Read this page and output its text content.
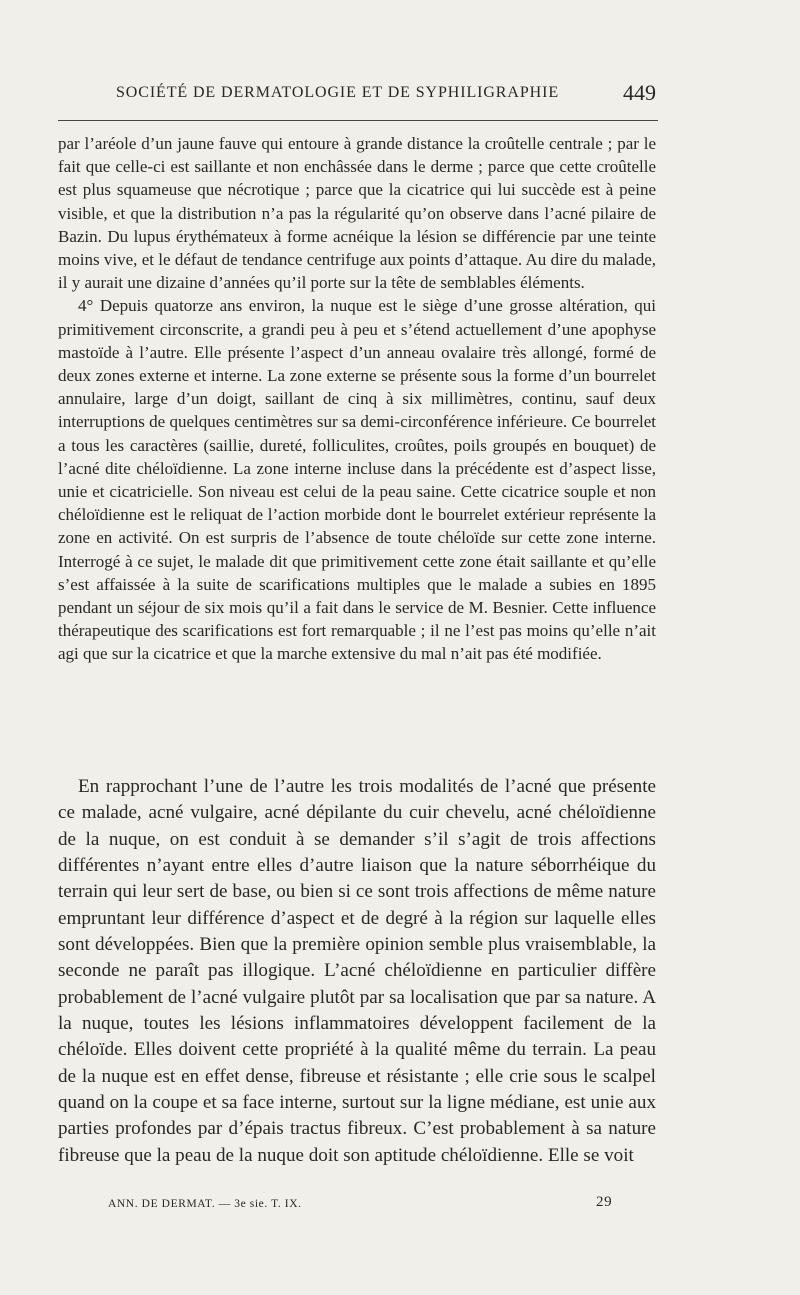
SOCIÉTÉ DE DERMATOLOGIE ET DE SYPHILIGRAPHIE	449

par l’aréole d’un jaune fauve qui entoure à grande distance la croûtelle centrale ; par le fait que celle-ci est saillante et non enchâssée dans le derme ; parce que cette croûtelle est plus squameuse que nécrotique ; parce que la cicatrice qui lui succède est à peine visible, et que la distribution n’a pas la régularité qu’on observe dans l’acné pilaire de Bazin. Du lupus érythémateux à forme acnéique la lésion se différencie par une teinte moins vive, et le défaut de tendance centrifuge aux points d’attaque. Au dire du malade, il y aurait une dizaine d’années qu’il porte sur la tête de semblables éléments.

4° Depuis quatorze ans environ, la nuque est le siège d’une grosse altération, qui primitivement circonscrite, a grandi peu à peu et s’étend actuellement d’une apophyse mastoïde à l’autre. Elle présente l’aspect d’un anneau ovalaire très allongé, formé de deux zones externe et interne. La zone externe se présente sous la forme d’un bourrelet annulaire, large d’un doigt, saillant de cinq à six millimètres, continu, sauf deux interruptions de quelques centimètres sur sa demi-circonférence inférieure. Ce bourrelet a tous les caractères (saillie, dureté, folliculites, croûtes, poils groupés en bouquet) de l’acné dite chéloïdienne. La zone interne incluse dans la précédente est d’aspect lisse, unie et cicatricielle. Son niveau est celui de la peau saine. Cette cicatrice souple et non chéloïdienne est le reliquat de l’action morbide dont le bourrelet extérieur représente la zone en activité. On est surpris de l’absence de toute chéloïde sur cette zone interne. Interrogé à ce sujet, le malade dit que primitivement cette zone était saillante et qu’elle s’est affaissée à la suite de scarifications multiples que le malade a subies en 1895 pendant un séjour de six mois qu’il a fait dans le service de M. Besnier. Cette influence thérapeutique des scarifications est fort remarquable ; il ne l’est pas moins qu’elle n’ait agi que sur la cicatrice et que la marche extensive du mal n’ait pas été modifiée.

En rapprochant l’une de l’autre les trois modalités de l’acné que présente ce malade, acné vulgaire, acné dépilante du cuir chevelu, acné chéloïdienne de la nuque, on est conduit à se demander s’il s’agit de trois affections différentes n’ayant entre elles d’autre liaison que la nature séborrhéique du terrain qui leur sert de base, ou bien si ce sont trois affections de même nature empruntant leur différence d’aspect et de degré à la région sur laquelle elles sont développées. Bien que la première opinion semble plus vraisemblable, la seconde ne paraît pas illogique. L’acné chéloïdienne en particulier diffère probablement de l’acné vulgaire plutôt par sa localisation que par sa nature. A la nuque, toutes les lésions inflammatoires développent facilement de la chéloïde. Elles doivent cette propriété à la qualité même du terrain. La peau de la nuque est en effet dense, fibreuse et résistante ; elle crie sous le scalpel quand on la coupe et sa face interne, surtout sur la ligne médiane, est unie aux parties profondes par d’épais tractus fibreux. C’est probablement à sa nature fibreuse que la peau de la nuque doit son aptitude chéloïdienne. Elle se voit

ANN. DE DERMAT. — 3e sie. T. IX.	29
